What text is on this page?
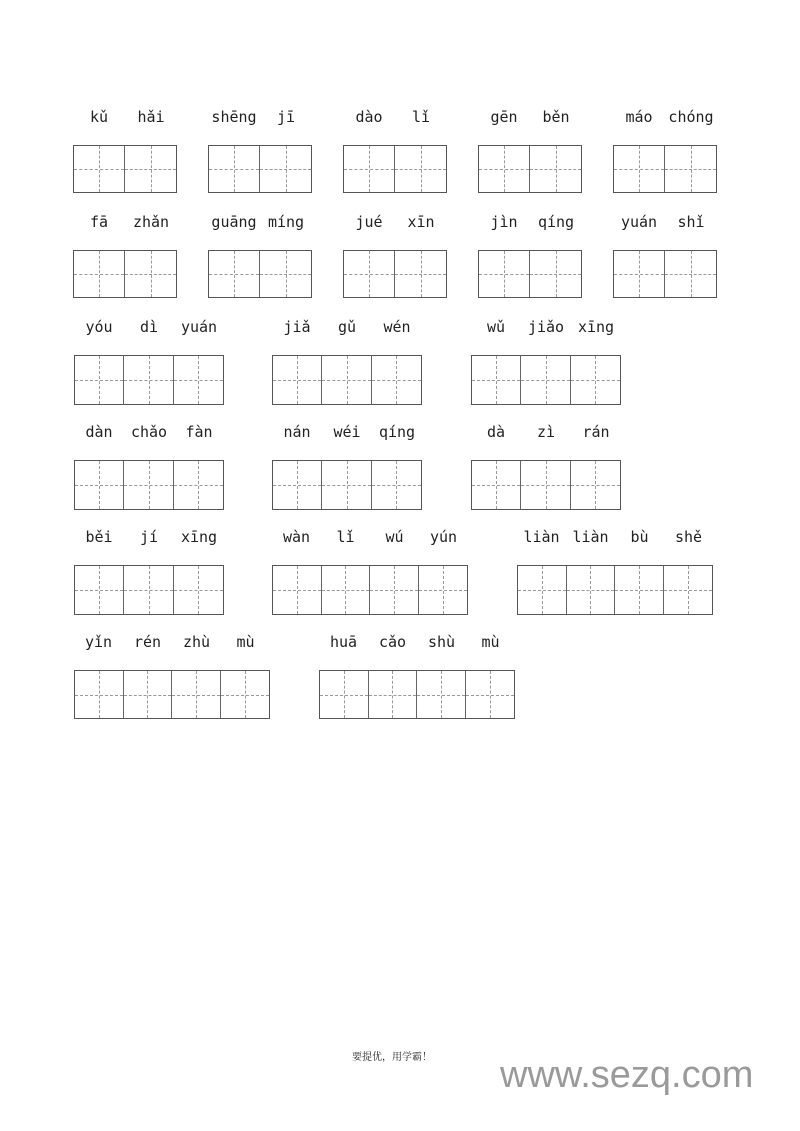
kǔ	hǎi	shēng	jī	dào	lǐ	gēn	běn	máo	chóng
fā	zhǎn	guāng míng	jué	xīn	jìn	qíng	yuán	shǐ
yóu	dì	yuán	jiǎ	gǔ	wén	wǔ	jiǎo xīng
dàn	chǎo	fàn	nán	wéi	qíng	dà	zì	rán
běi	jí	xīng	wàn	lǐ	wú	yún	liàn liàn	bù	shě
yǐn	rén	zhù	mù	huā	cǎo	shù	mù
要提优，用学霸！ www.sezq.com
